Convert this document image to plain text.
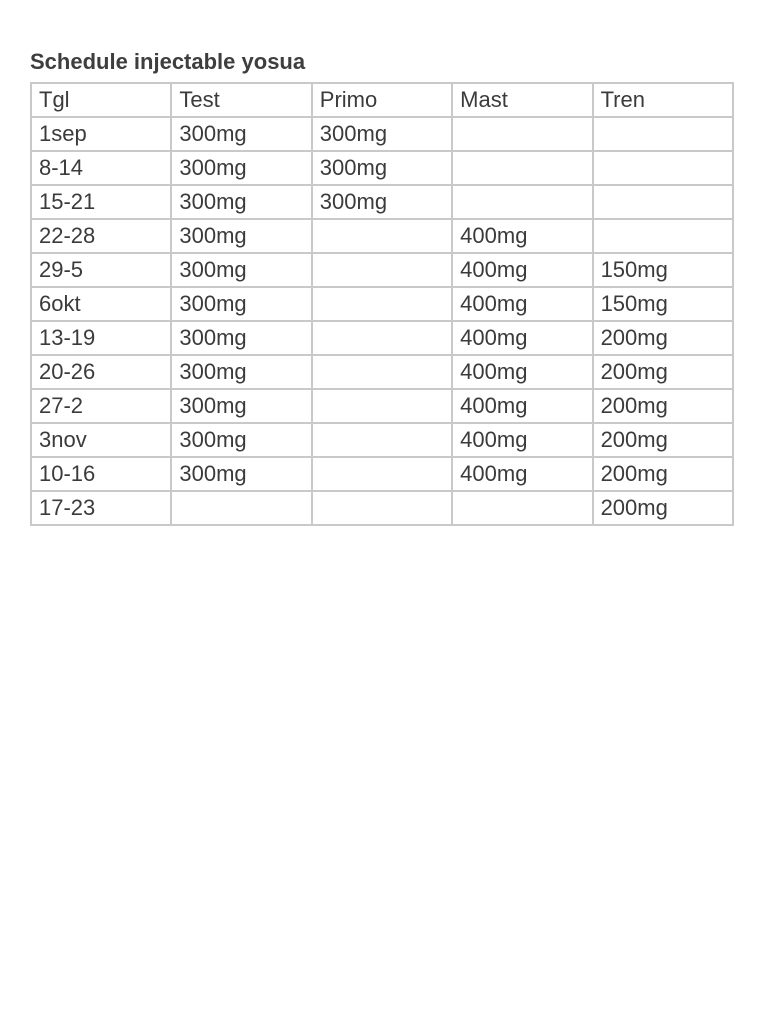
Schedule injectable yosua
Tgl	Test	Primo	Mast	Tren
1sep	300mg	300mg		
8-14	300mg	300mg		
15-21	300mg	300mg		
22-28	300mg		400mg	
29-5	300mg		400mg	150mg
6okt	300mg		400mg	150mg
13-19	300mg		400mg	200mg
20-26	300mg		400mg	200mg
27-2	300mg		400mg	200mg
3nov	300mg		400mg	200mg
10-16	300mg		400mg	200mg
17-23				200mg
